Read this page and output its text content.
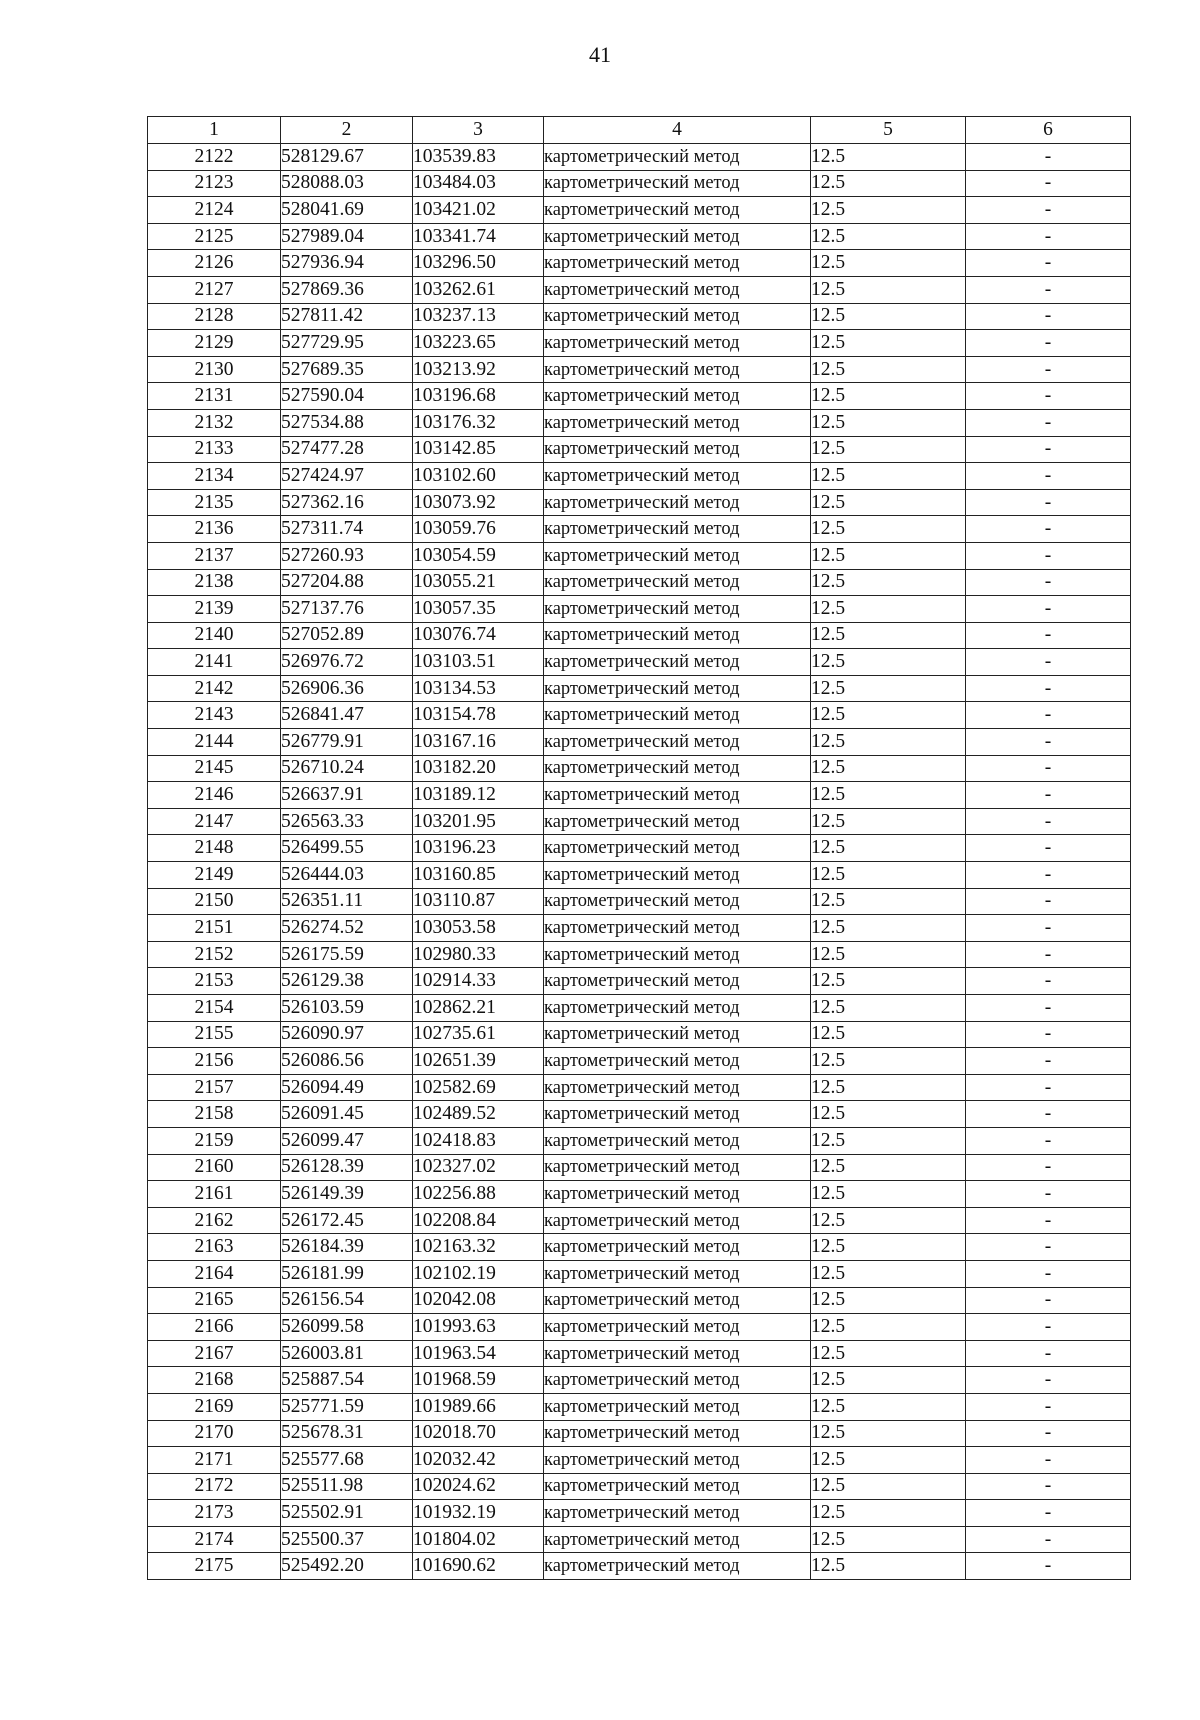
41
1	2	3	4	5	6
2122	528129.67	103539.83	картометрический метод	12.5	-
2123	528088.03	103484.03	картометрический метод	12.5	-
2124	528041.69	103421.02	картометрический метод	12.5	-
2125	527989.04	103341.74	картометрический метод	12.5	-
2126	527936.94	103296.50	картометрический метод	12.5	-
2127	527869.36	103262.61	картометрический метод	12.5	-
2128	527811.42	103237.13	картометрический метод	12.5	-
2129	527729.95	103223.65	картометрический метод	12.5	-
2130	527689.35	103213.92	картометрический метод	12.5	-
2131	527590.04	103196.68	картометрический метод	12.5	-
2132	527534.88	103176.32	картометрический метод	12.5	-
2133	527477.28	103142.85	картометрический метод	12.5	-
2134	527424.97	103102.60	картометрический метод	12.5	-
2135	527362.16	103073.92	картометрический метод	12.5	-
2136	527311.74	103059.76	картометрический метод	12.5	-
2137	527260.93	103054.59	картометрический метод	12.5	-
2138	527204.88	103055.21	картометрический метод	12.5	-
2139	527137.76	103057.35	картометрический метод	12.5	-
2140	527052.89	103076.74	картометрический метод	12.5	-
2141	526976.72	103103.51	картометрический метод	12.5	-
2142	526906.36	103134.53	картометрический метод	12.5	-
2143	526841.47	103154.78	картометрический метод	12.5	-
2144	526779.91	103167.16	картометрический метод	12.5	-
2145	526710.24	103182.20	картометрический метод	12.5	-
2146	526637.91	103189.12	картометрический метод	12.5	-
2147	526563.33	103201.95	картометрический метод	12.5	-
2148	526499.55	103196.23	картометрический метод	12.5	-
2149	526444.03	103160.85	картометрический метод	12.5	-
2150	526351.11	103110.87	картометрический метод	12.5	-
2151	526274.52	103053.58	картометрический метод	12.5	-
2152	526175.59	102980.33	картометрический метод	12.5	-
2153	526129.38	102914.33	картометрический метод	12.5	-
2154	526103.59	102862.21	картометрический метод	12.5	-
2155	526090.97	102735.61	картометрический метод	12.5	-
2156	526086.56	102651.39	картометрический метод	12.5	-
2157	526094.49	102582.69	картометрический метод	12.5	-
2158	526091.45	102489.52	картометрический метод	12.5	-
2159	526099.47	102418.83	картометрический метод	12.5	-
2160	526128.39	102327.02	картометрический метод	12.5	-
2161	526149.39	102256.88	картометрический метод	12.5	-
2162	526172.45	102208.84	картометрический метод	12.5	-
2163	526184.39	102163.32	картометрический метод	12.5	-
2164	526181.99	102102.19	картометрический метод	12.5	-
2165	526156.54	102042.08	картометрический метод	12.5	-
2166	526099.58	101993.63	картометрический метод	12.5	-
2167	526003.81	101963.54	картометрический метод	12.5	-
2168	525887.54	101968.59	картометрический метод	12.5	-
2169	525771.59	101989.66	картометрический метод	12.5	-
2170	525678.31	102018.70	картометрический метод	12.5	-
2171	525577.68	102032.42	картометрический метод	12.5	-
2172	525511.98	102024.62	картометрический метод	12.5	-
2173	525502.91	101932.19	картометрический метод	12.5	-
2174	525500.37	101804.02	картометрический метод	12.5	-
2175	525492.20	101690.62	картометрический метод	12.5	-
